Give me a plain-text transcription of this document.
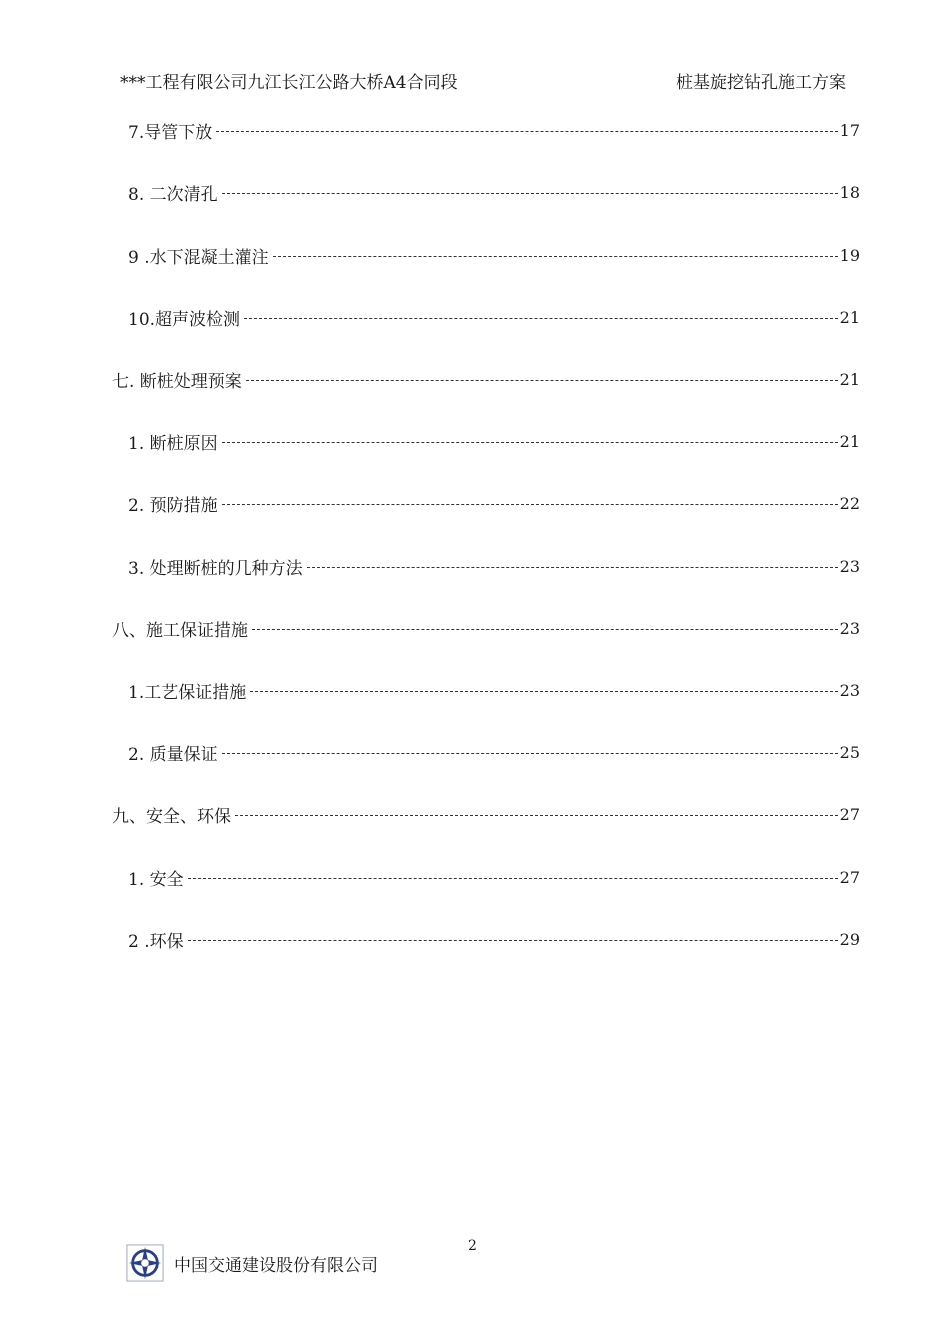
***工程有限公司九江长江公路大桥A4合同段	桩基旋挖钻孔施工方案
7.导管下放	17
8. 二次清孔	18
9 .水下混凝土灌注	19
10.超声波检测	21
七. 断桩处理预案	21
1. 断桩原因	21
2. 预防措施	22
3. 处理断桩的几种方法	23
八、施工保证措施	23
1.工艺保证措施	23
2. 质量保证	25
九、安全、环保	27
1. 安全	27
2 .环保	29
2
中国交通建设股份有限公司
